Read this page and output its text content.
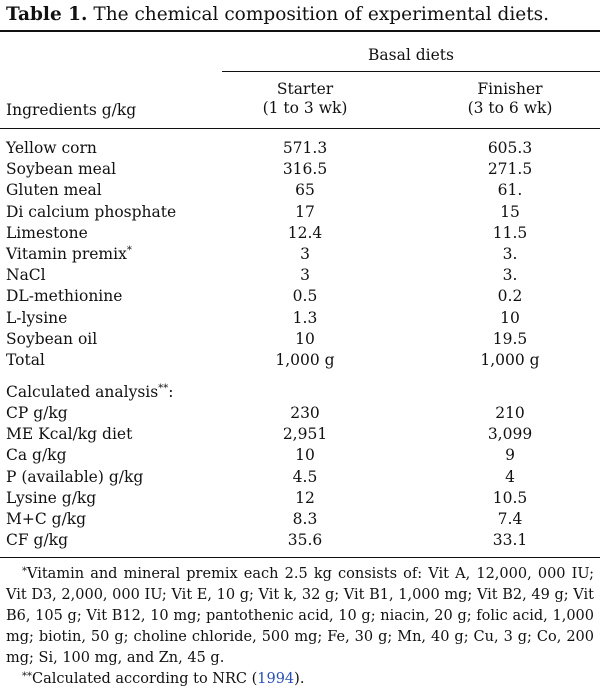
Table 1. The chemical composition of experimental diets.
Basal diets
Starter
(1 to 3 wk)
Finisher
(3 to 6 wk)
Ingredients g/kg
Yellow corn	571.3	605.3
Soybean meal	316.5	271.5
Gluten meal	65	61.
Di calcium phosphate	17	15
Limestone	12.4	11.5
Vitamin premix*	3	3.
NaCl	3	3.
DL-methionine	0.5	0.2
L-lysine	1.3	10
Soybean oil	10	19.5
Total	1,000 g	1,000 g
Calculated analysis**:
CP g/kg	230	210
ME Kcal/kg diet	2,951	3,099
Ca g/kg	10	9
P (available) g/kg	4.5	4
Lysine g/kg	12	10.5
M+C g/kg	8.3	7.4
CF g/kg	35.6	33.1

*Vitamin and mineral premix each 2.5 kg consists of: Vit A, 12,000, 000 IU; Vit D3, 2,000, 000 IU; Vit E, 10 g; Vit k, 32 g; Vit B1, 1,000 mg; Vit B2, 49 g; Vit B6, 105 g; Vit B12, 10 mg; pantothenic acid, 10 g; niacin, 20 g; folic acid, 1,000 mg; biotin, 50 g; choline chloride, 500 mg; Fe, 30 g; Mn, 40 g; Cu, 3 g; Co, 200 mg; Si, 100 mg, and Zn, 45 g.

**Calculated according to NRC (1994).
